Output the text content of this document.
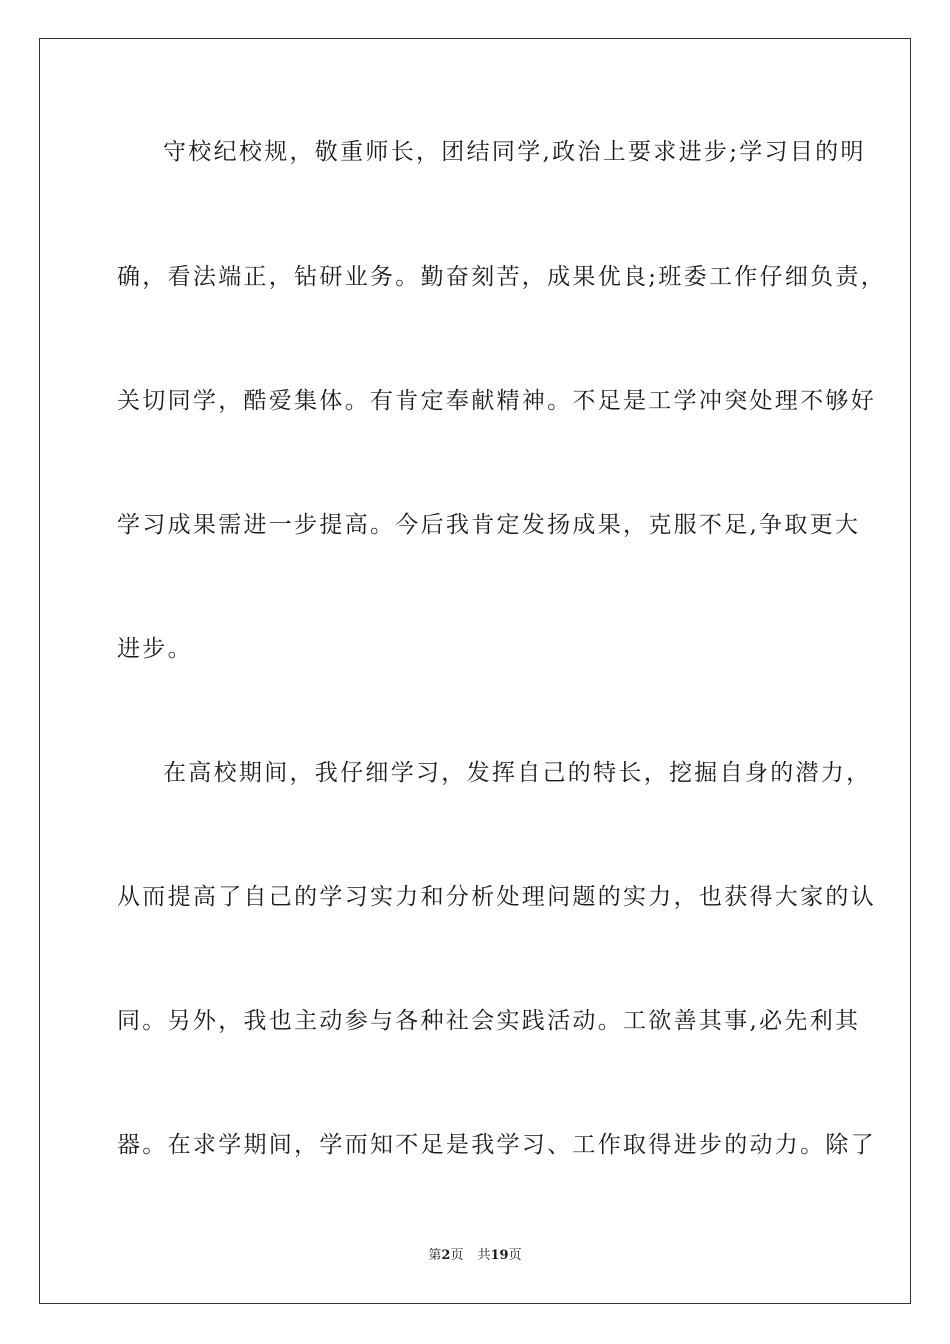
守校纪校规，敬重师长，团结同学,政治上要求进步;学习目的明
确，看法端正，钻研业务。勤奋刻苦，成果优良;班委工作仔细负责，
关切同学，酷爱集体。有肯定奉献精神。不足是工学冲突处理不够好
学习成果需进一步提高。今后我肯定发扬成果，克服不足,争取更大
进步。
在高校期间，我仔细学习，发挥自己的特长，挖掘自身的潜力，
从而提高了自己的学习实力和分析处理问题的实力，也获得大家的认
同。另外，我也主动参与各种社会实践活动。工欲善其事,必先利其
器。在求学期间，学而知不足是我学习、工作取得进步的动力。除了
第2页 共19页
